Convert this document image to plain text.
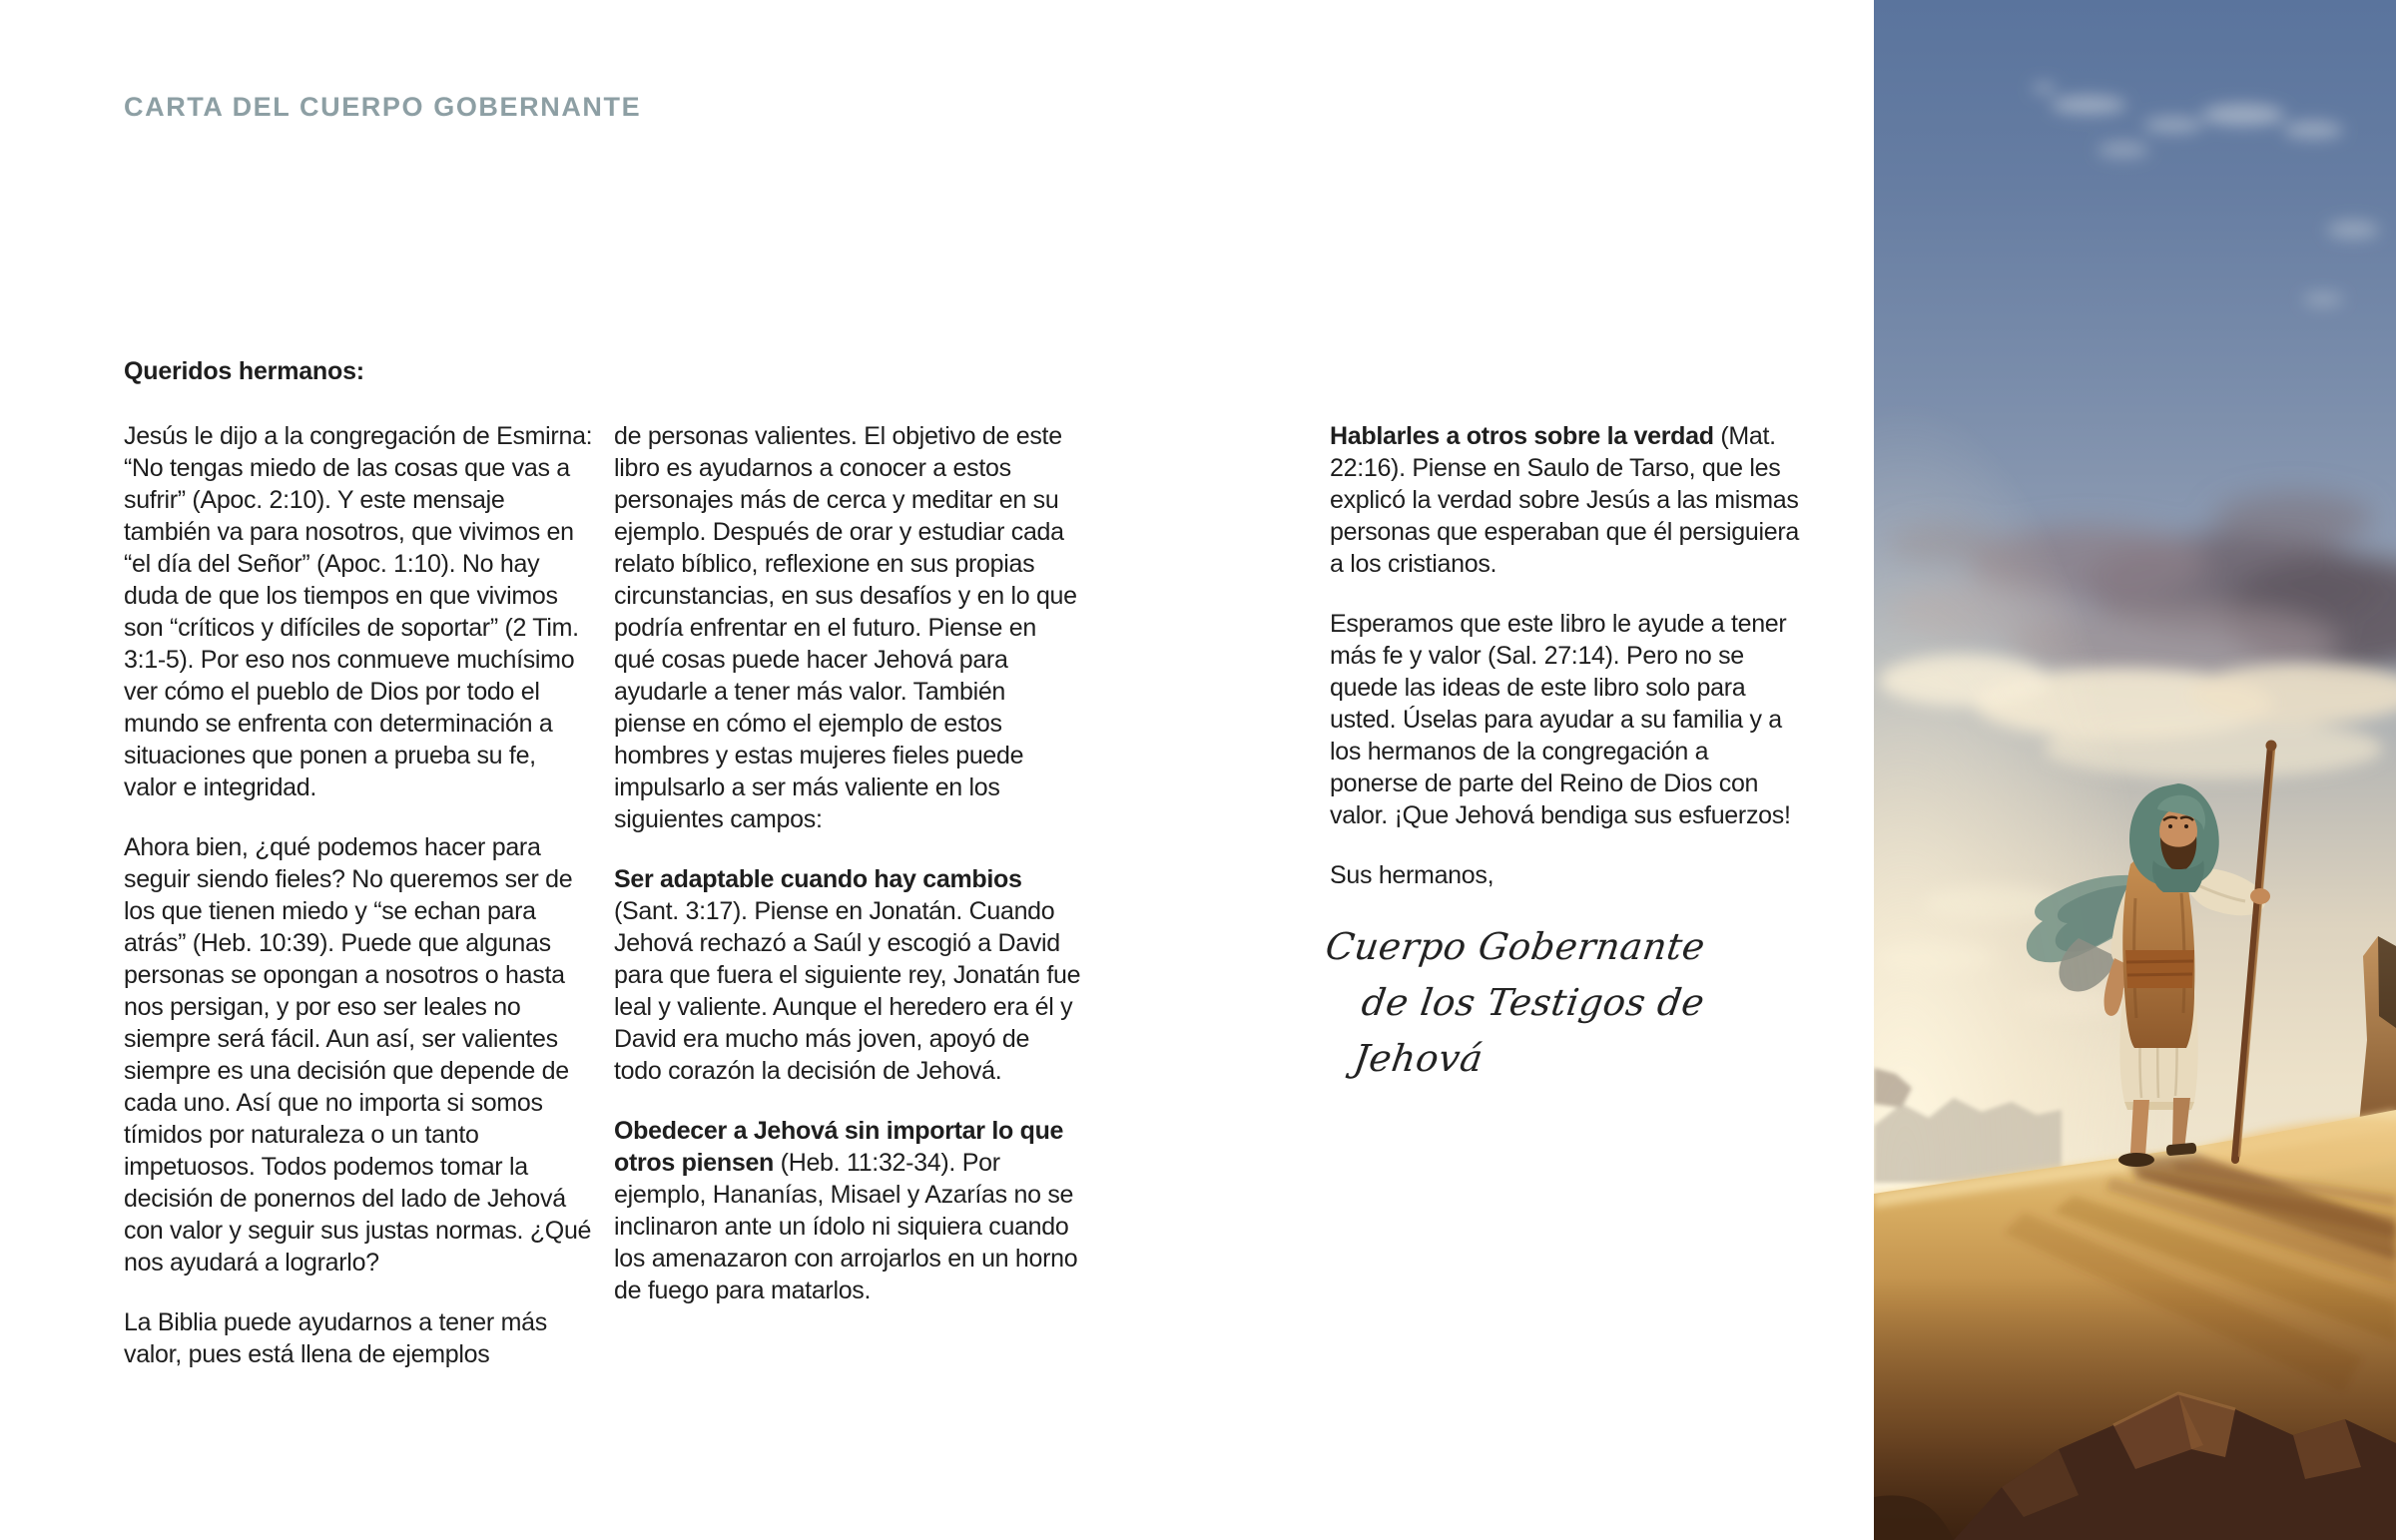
CARTA DEL CUERPO GOBERNANTE
Queridos hermanos:

Jesús le dijo a la congregación de Esmirna: “No tengas miedo de las cosas que vas a sufrir” (Apoc. 2:10). Y este mensaje también va para nosotros, que vivimos en “el día del Señor” (Apoc. 1:10). No hay duda de que los tiempos en que vivimos son “críticos y difíciles de soportar” (2 Tim. 3:1-5). Por eso nos conmueve muchísimo ver cómo el pueblo de Dios por todo el mundo se enfrenta con determinación a situaciones que ponen a prueba su fe, valor e integridad.

Ahora bien, ¿qué podemos hacer para seguir siendo fieles? No queremos ser de los que tienen miedo y “se echan para atrás” (Heb. 10:39). Puede que algunas personas se opongan a nosotros o hasta nos persigan, y por eso ser leales no siempre será fácil. Aun así, ser valientes siempre es una decisión que depende de cada uno. Así que no importa si somos tímidos por naturaleza o un tanto impetuosos. Todos podemos tomar la decisión de ponernos del lado de Jehová con valor y seguir sus justas normas. ¿Qué nos ayudará a lograrlo?

La Biblia puede ayudarnos a tener más valor, pues está llena de ejemplos

de personas valientes. El objetivo de este libro es ayudarnos a conocer a estos personajes más de cerca y meditar en su ejemplo. Después de orar y estudiar cada relato bíblico, reflexione en sus propias circunstancias, en sus desafíos y en lo que podría enfrentar en el futuro. Piense en qué cosas puede hacer Jehová para ayudarle a tener más valor. También piense en cómo el ejemplo de estos hombres y estas mujeres fieles puede impulsarlo a ser más valiente en los siguientes campos:

Ser adaptable cuando hay cambios (Sant. 3:17). Piense en Jonatán. Cuando Jehová rechazó a Saúl y escogió a David para que fuera el siguiente rey, Jonatán fue leal y valiente. Aunque el heredero era él y David era mucho más joven, apoyó de todo corazón la decisión de Jehová.

Obedecer a Jehová sin importar lo que otros piensen (Heb. 11:32-34). Por ejemplo, Hananías, Misael y Azarías no se inclinaron ante un ídolo ni siquiera cuando los amenazaron con arrojarlos en un horno de fuego para matarlos.

Hablarles a otros sobre la verdad (Mat. 22:16). Piense en Saulo de Tarso, que les explicó la verdad sobre Jesús a las mismas personas que esperaban que él persiguiera a los cristianos.

Esperamos que este libro le ayude a tener más fe y valor (Sal. 27:14). Pero no se quede las ideas de este libro solo para usted. Úselas para ayudar a su familia y a los hermanos de la congregación a ponerse de parte del Reino de Dios con valor. ¡Que Jehová bendiga sus esfuerzos!

Sus hermanos,

Cuerpo Gobernante
de los Testigos de Jehová
